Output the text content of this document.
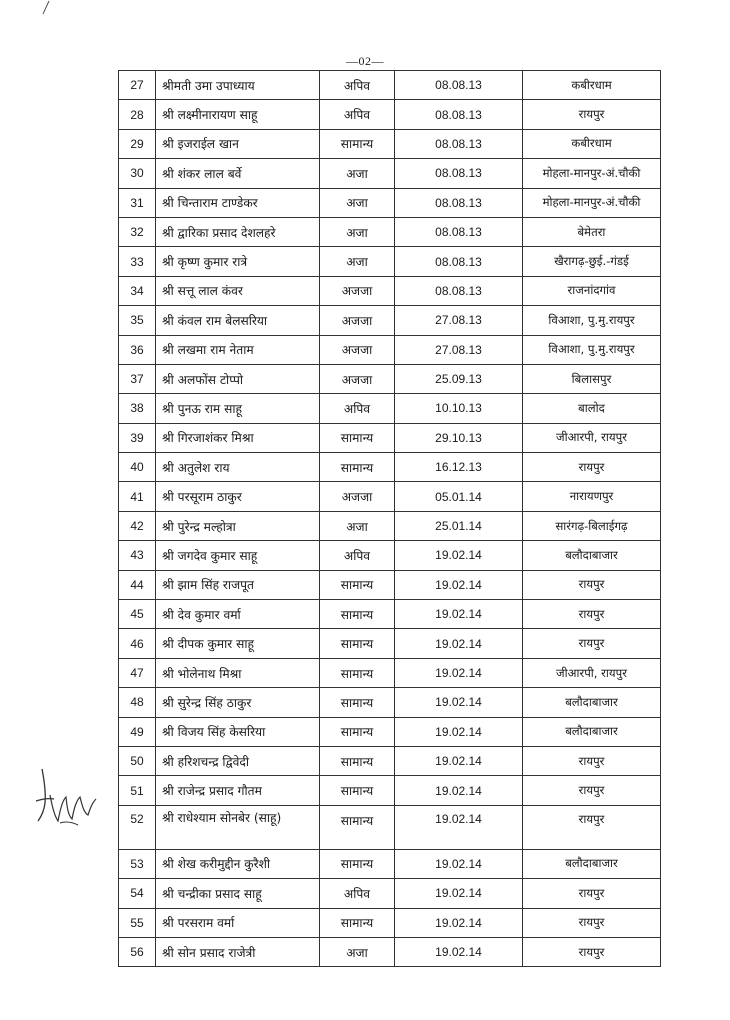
—02—
27	श्रीमती उमा उपाध्याय	अपिव	08.08.13	कबीरधाम
28	श्री लक्ष्मीनारायण साहू	अपिव	08.08.13	रायपुर
29	श्री इजराईल खान	सामान्य	08.08.13	कबीरधाम
30	श्री शंकर लाल बर्वे	अजा	08.08.13	मोहला-मानपुर-अं.चौकी
31	श्री चिन्ताराम टाण्डेकर	अजा	08.08.13	मोहला-मानपुर-अं.चौकी
32	श्री द्वारिका प्रसाद देशलहरे	अजा	08.08.13	बेमेतरा
33	श्री कृष्ण कुमार रात्रे	अजा	08.08.13	खैरागढ़-छुई.-गंडई
34	श्री सत्तू लाल कंवर	अजजा	08.08.13	राजनांदगांव
35	श्री कंवल राम बेलसरिया	अजजा	27.08.13	विआशा, पु.मु.रायपुर
36	श्री लखमा राम नेताम	अजजा	27.08.13	विआशा, पु.मु.रायपुर
37	श्री अलफोंस टोप्पो	अजजा	25.09.13	बिलासपुर
38	श्री पुनऊ राम साहू	अपिव	10.10.13	बालोद
39	श्री गिरजाशंकर मिश्रा	सामान्य	29.10.13	जीआरपी, रायपुर
40	श्री अतुलेश राय	सामान्य	16.12.13	रायपुर
41	श्री परसूराम ठाकुर	अजजा	05.01.14	नारायणपुर
42	श्री पुरेन्द्र मल्होत्रा	अजा	25.01.14	सारंगढ़-बिलाईगढ़
43	श्री जगदेव कुमार साहू	अपिव	19.02.14	बलौदाबाजार
44	श्री झाम सिंह राजपूत	सामान्य	19.02.14	रायपुर
45	श्री देव कुमार वर्मा	सामान्य	19.02.14	रायपुर
46	श्री दीपक कुमार साहू	सामान्य	19.02.14	रायपुर
47	श्री भोलेनाथ मिश्रा	सामान्य	19.02.14	जीआरपी, रायपुर
48	श्री सुरेन्द्र सिंह ठाकुर	सामान्य	19.02.14	बलौदाबाजार
49	श्री विजय सिंह केसरिया	सामान्य	19.02.14	बलौदाबाजार
50	श्री हरिशचन्द्र द्विवेदी	सामान्य	19.02.14	रायपुर
51	श्री राजेन्द्र प्रसाद गौतम	सामान्य	19.02.14	रायपुर
52	श्री राधेश्याम सोनबेर (साहू)	सामान्य	19.02.14	रायपुर
53	श्री शेख करीमुद्दीन कुरैशी	सामान्य	19.02.14	बलौदाबाजार
54	श्री चन्द्रीका प्रसाद साहू	अपिव	19.02.14	रायपुर
55	श्री परसराम वर्मा	सामान्य	19.02.14	रायपुर
56	श्री सोन प्रसाद राजेत्री	अजा	19.02.14	रायपुर
